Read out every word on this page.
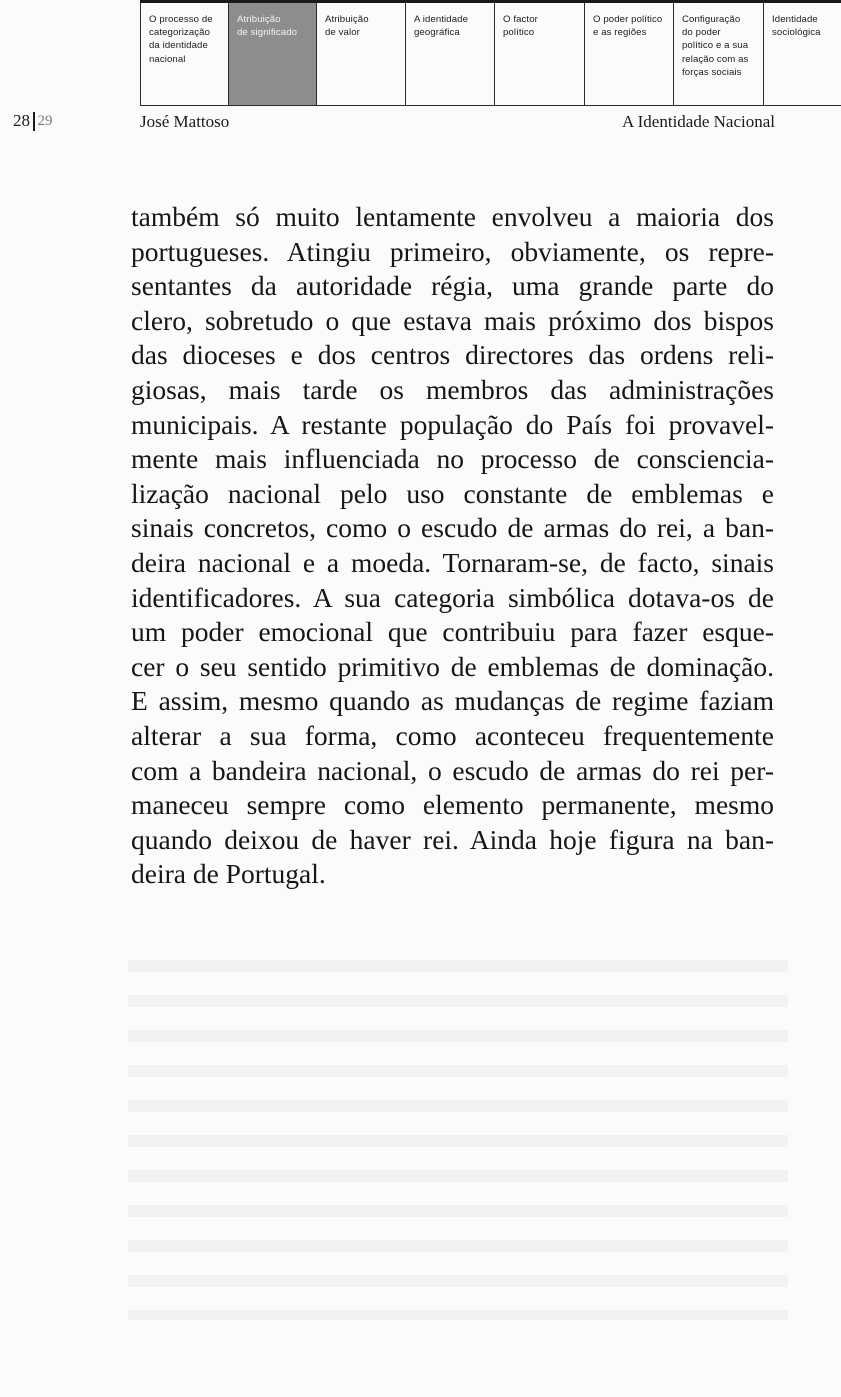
O processo de
categorização
da identidade
nacional
Atribuição
de significado
Atribuição
de valor
A identidade
geográfica
O factor
político
O poder político
e as regiões
Configuração
do poder
político e a sua
relação com as
forças sociais
Identidade
sociológica
28 29	José Mattoso	A Identidade Nacional
também só muito lentamente envolveu a maioria dos
portugueses. Atingiu primeiro, obviamente, os repre-
sentantes da autoridade régia, uma grande parte do
clero, sobretudo o que estava mais próximo dos bispos
das dioceses e dos centros directores das ordens reli-
giosas, mais tarde os membros das administrações
municipais. A restante população do País foi provavel-
mente mais influenciada no processo de consciencia-
lização nacional pelo uso constante de emblemas e
sinais concretos, como o escudo de armas do rei, a ban-
deira nacional e a moeda. Tornaram-se, de facto, sinais
identificadores. A sua categoria simbólica dotava-os de
um poder emocional que contribuiu para fazer esque-
cer o seu sentido primitivo de emblemas de dominação.
E assim, mesmo quando as mudanças de regime faziam
alterar a sua forma, como aconteceu frequentemente
com a bandeira nacional, o escudo de armas do rei per-
maneceu sempre como elemento permanente, mesmo
quando deixou de haver rei. Ainda hoje figura na ban-
deira de Portugal.
